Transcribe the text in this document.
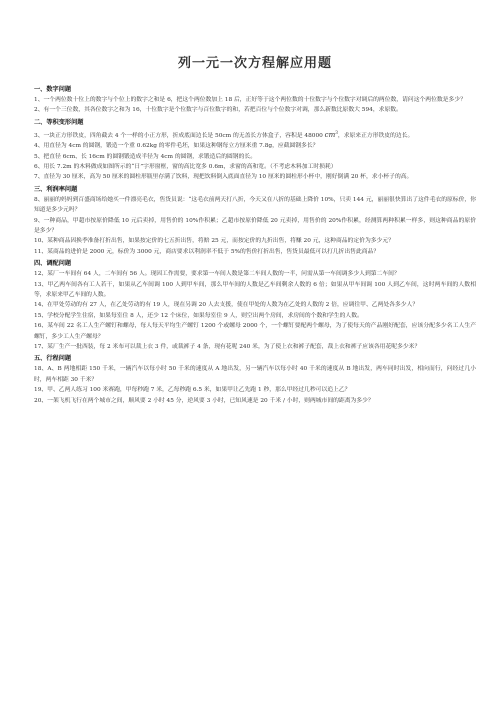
列一元一次方程解应用题
一、数字问题

1、一个两位数十位上的数字与个位上的数字之和是 6，把这个两位数加上 18 后，正好等于这个两位数的十位数字与个位数字对调后的两位数，请问这个两位数是多少？

2、有一个三位数，其各位数字之和为 16，十位数字是个位数字与百位数字的和，若把百位与个位数字对调，那么新数比原数大 594，求原数。

二、等积变形问题

3、一块正方形铁皮，四角截去 4 个一样的小正方形，折成底面边长是 50cm 的无盖长方体盒子，容积是 48000 $cm^3$，求原来正方形铁皮的边长。

4、用直径为 4cm 的圆钢，锻造一个重 0.62kg 的零件毛坯，如果这种钢每立方厘米重 7.8g，应截圆钢多长？

5、把直径 6cm、长 16cm 的圆钢锻造成半径为 4cm 的圆钢，求锻造后的圆钢的长。

6、用长 7.2m 的木料做成如图所示的“日”字形窗框，窗的高比宽多 0.6m，求窗的高和宽。（不考虑木料加工时损耗）

7、直径为 30 厘米，高为 50 厘米的圆柱形瓶里存满了饮料，现把饮料倒入底面直径为 10 厘米的圆柱形小杯中，刚好倒满 20 杯，求小杯子的高。

三、利润率问题

8、丽丽的妈妈到百盛商场给她买一件漂亮毛衣，售货员说：“这毛衣前两天打八折，今天又在八折的基础上降价 10%，只卖 144 元，丽丽很快算出了这件毛衣的原标价，你知道是多少元吗？

9、一种商品，甲超市按原价降低 10 元后卖掉，用售价的 10%作积累；乙超市按原价降低 20 元卖掉，用售价的 20%作积累，经测算两种积累一样多，则这种商品的原价是多少？

10、某种商品因换季准备打折出售，如果按定价的七五折出售，将赔 25 元，而按定价的九折出售，将赚 20 元，这种商品的定价为多少元？

11、某商品的进价是 2000 元，标价为 3000 元，商店要求以利润率不低于 5%的售价打折出售，售货员最低可以打几折出售此商品？

四、调配问题

12、某厂一车间有 64 人，二车间有 56 人。现因工作需要，要求第一车间人数是第二车间人数的一半，问需从第一车间调多少人到第二车间？

13、甲乙两车间各有工人若干，如果从乙车间调 100 人到甲车间，那么甲车间的人数是乙车间剩余人数的 6 倍；如果从甲车间调 100 人到乙车间，这时两车间的人数相等，求原来甲乙车间的人数。

14、在甲处劳动的有 27 人，在乙处劳动的有 19 人，现在另调 20 人去支援，使在甲处的人数为在乙处的人数的 2 倍，应调往甲、乙两处各多少人？

15、学校分配学生住宿，如果每室住 8 人，还少 12 个床位，如果每室住 9 人，则空出两个房间，求房间的个数和学生的人数。

16、某车间 22 名工人生产螺钉和螺母，每人每天平均生产螺钉 1200 个或螺母 2000 个，一个螺钉要配两个螺母，为了使每天的产品刚好配套，应该分配多少名工人生产螺钉，多少工人生产螺母？

17、某厂生产一批西装，每 2 米布可以裁上衣 3 件，或裁裤子 4 条，现有花呢 240 米，为了使上衣和裤子配套，裁上衣和裤子应该各用花呢多少米？

五、行程问题

18、A、B 两地相距 150 千米，一辆汽车以每小时 50 千米的速度从 A 地出发，另一辆汽车以每小时 40 千米的速度从 B 地出发，两车同时出发，相向而行，问经过几小时，两车相距 30 千米？

19、甲、乙两人练习 100 米赛跑，甲每秒跑 7 米，乙每秒跑 6.5 米，如果甲让乙先跑 1 秒，那么甲经过几秒可以追上乙？

20、一架飞机飞行在两个城市之间，顺风要 2 小时 45 分，逆风要 3 小时，已知风速是 20 千米 / 小时，则两城市间的距离为多少？
